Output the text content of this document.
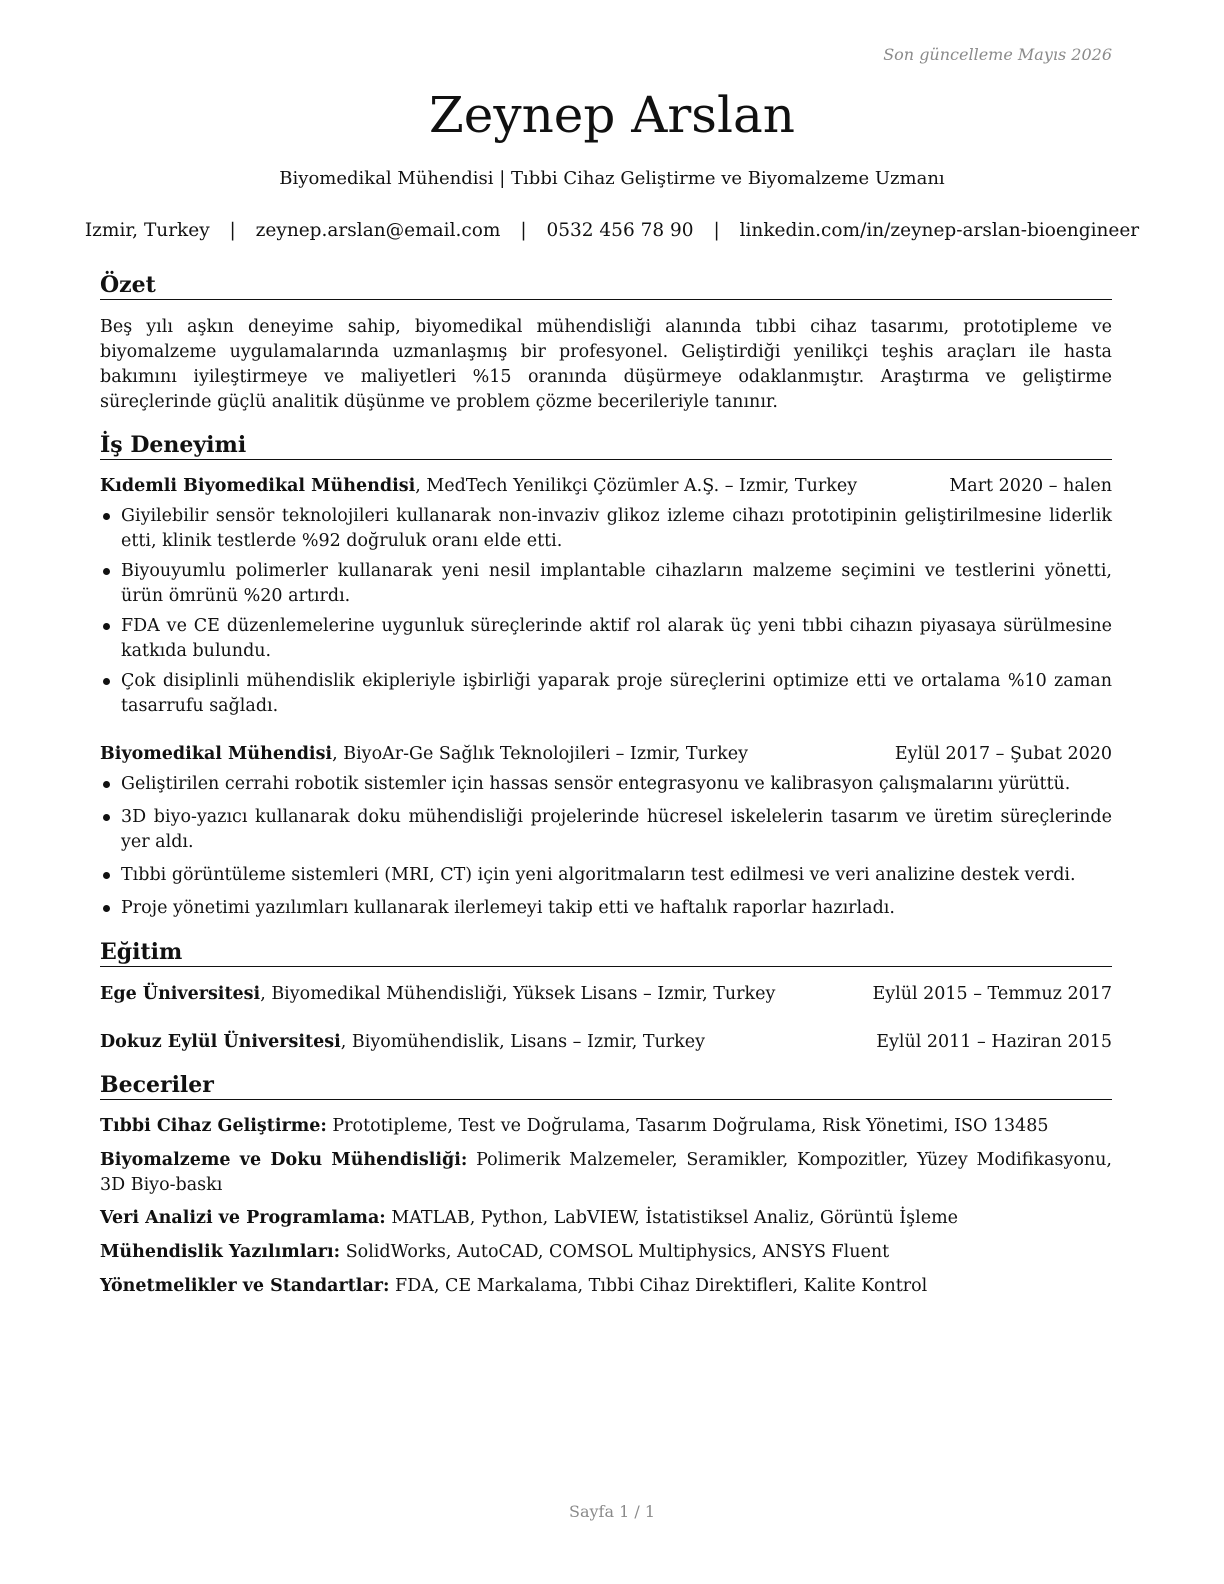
Son güncelleme Mayıs 2026
Zeynep Arslan
Biyomedikal Mühendisi | Tıbbi Cihaz Geliştirme ve Biyomalzeme Uzmanı
Izmir, Turkey | zeynep.arslan@email.com | 0532 456 78 90 | linkedin.com/in/zeynep-arslan-bioengineer
Özet

Beş yılı aşkın deneyime sahip, biyomedikal mühendisliği alanında tıbbi cihaz tasarımı, prototipleme ve biyomalzeme uygulamalarında uzmanlaşmış bir profesyonel. Geliştirdiği yenilikçi teşhis araçları ile hasta bakımını iyileştirmeye ve maliyetleri %15 oranında düşürmeye odaklanmıştır. Araştırma ve geliştirme süreçlerinde güçlü analitik düşünme ve problem çözme becerileriyle tanınır.

İş Deneyimi
Kıdemli Biyomedikal Mühendisi, MedTech Yenilikçi Çözümler A.Ş. – Izmir, Turkey	Mart 2020 – halen
Giyilebilir sensör teknolojileri kullanarak non-invaziv glikoz izleme cihazı prototipinin geliştirilmesine liderlik etti, klinik testlerde %92 doğruluk oranı elde etti.
Biyouyumlu polimerler kullanarak yeni nesil implantable cihazların malzeme seçimini ve testlerini yönetti, ürün ömrünü %20 artırdı.
FDA ve CE düzenlemelerine uygunluk süreçlerinde aktif rol alarak üç yeni tıbbi cihazın piyasaya sürülmesine katkıda bulundu.
Çok disiplinli mühendislik ekipleriyle işbirliği yaparak proje süreçlerini optimize etti ve ortalama %10 zaman tasarrufu sağladı.
Biyomedikal Mühendisi, BiyoAr-Ge Sağlık Teknolojileri – Izmir, Turkey	Eylül 2017 – Şubat 2020
Geliştirilen cerrahi robotik sistemler için hassas sensör entegrasyonu ve kalibrasyon çalışmalarını yürüttü.
3D biyo-yazıcı kullanarak doku mühendisliği projelerinde hücresel iskelelerin tasarım ve üretim süreçlerinde yer aldı.
Tıbbi görüntüleme sistemleri (MRI, CT) için yeni algoritmaların test edilmesi ve veri analizine destek verdi.
Proje yönetimi yazılımları kullanarak ilerlemeyi takip etti ve haftalık raporlar hazırladı.
Eğitim
Ege Üniversitesi, Biyomedikal Mühendisliği, Yüksek Lisans – Izmir, Turkey	Eylül 2015 – Temmuz 2017
Dokuz Eylül Üniversitesi, Biyomühendislik, Lisans – Izmir, Turkey	Eylül 2011 – Haziran 2015
Beceriler
Tıbbi Cihaz Geliştirme: Prototipleme, Test ve Doğrulama, Tasarım Doğrulama, Risk Yönetimi, ISO 13485
Biyomalzeme ve Doku Mühendisliği: Polimerik Malzemeler, Seramikler, Kompozitler, Yüzey Modifikasyonu, 3D Biyo-baskı
Veri Analizi ve Programlama: MATLAB, Python, LabVIEW, İstatistiksel Analiz, Görüntü İşleme
Mühendislik Yazılımları: SolidWorks, AutoCAD, COMSOL Multiphysics, ANSYS Fluent
Yönetmelikler ve Standartlar: FDA, CE Markalama, Tıbbi Cihaz Direktifleri, Kalite Kontrol
Sayfa 1 / 1
